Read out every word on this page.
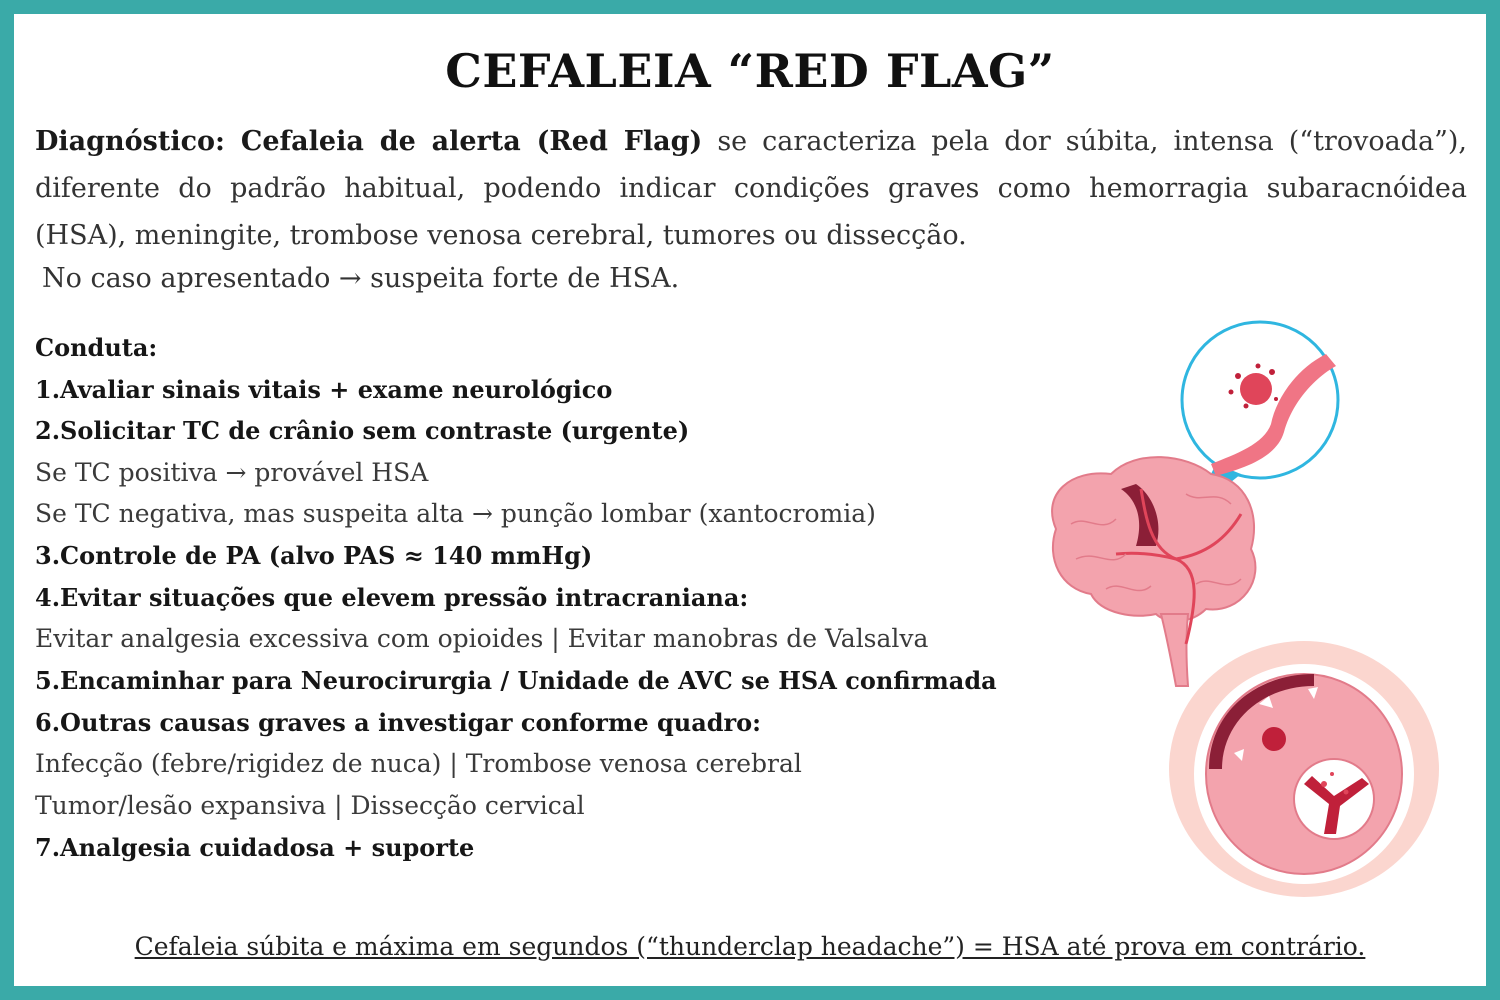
CEFALEIA “RED FLAG”
Diagnóstico: Cefaleia de alerta (Red Flag) se caracteriza pela dor súbita, intensa (“trovoada”), diferente do padrão habitual, podendo indicar condições graves como hemorragia subaracnóidea (HSA), meningite, trombose venosa cerebral, tumores ou dissecção.
No caso apresentado → suspeita forte de HSA.
Conduta:
1.Avaliar sinais vitais + exame neurológico
2.Solicitar TC de crânio sem contraste (urgente)
Se TC positiva → provável HSA
Se TC negativa, mas suspeita alta → punção lombar (xantocromia)
3.Controle de PA (alvo PAS ≈ 140 mmHg)
4.Evitar situações que elevem pressão intracraniana:
Evitar analgesia excessiva com opioides | Evitar manobras de Valsalva
5.Encaminhar para Neurocirurgia / Unidade de AVC se HSA confirmada
6.Outras causas graves a investigar conforme quadro:
Infecção (febre/rigidez de nuca) | Trombose venosa cerebral
Tumor/lesão expansiva | Dissecção cervical
7.Analgesia cuidadosa + suporte
Cefaleia súbita e máxima em segundos (“thunderclap headache”) = HSA até prova em contrário.
